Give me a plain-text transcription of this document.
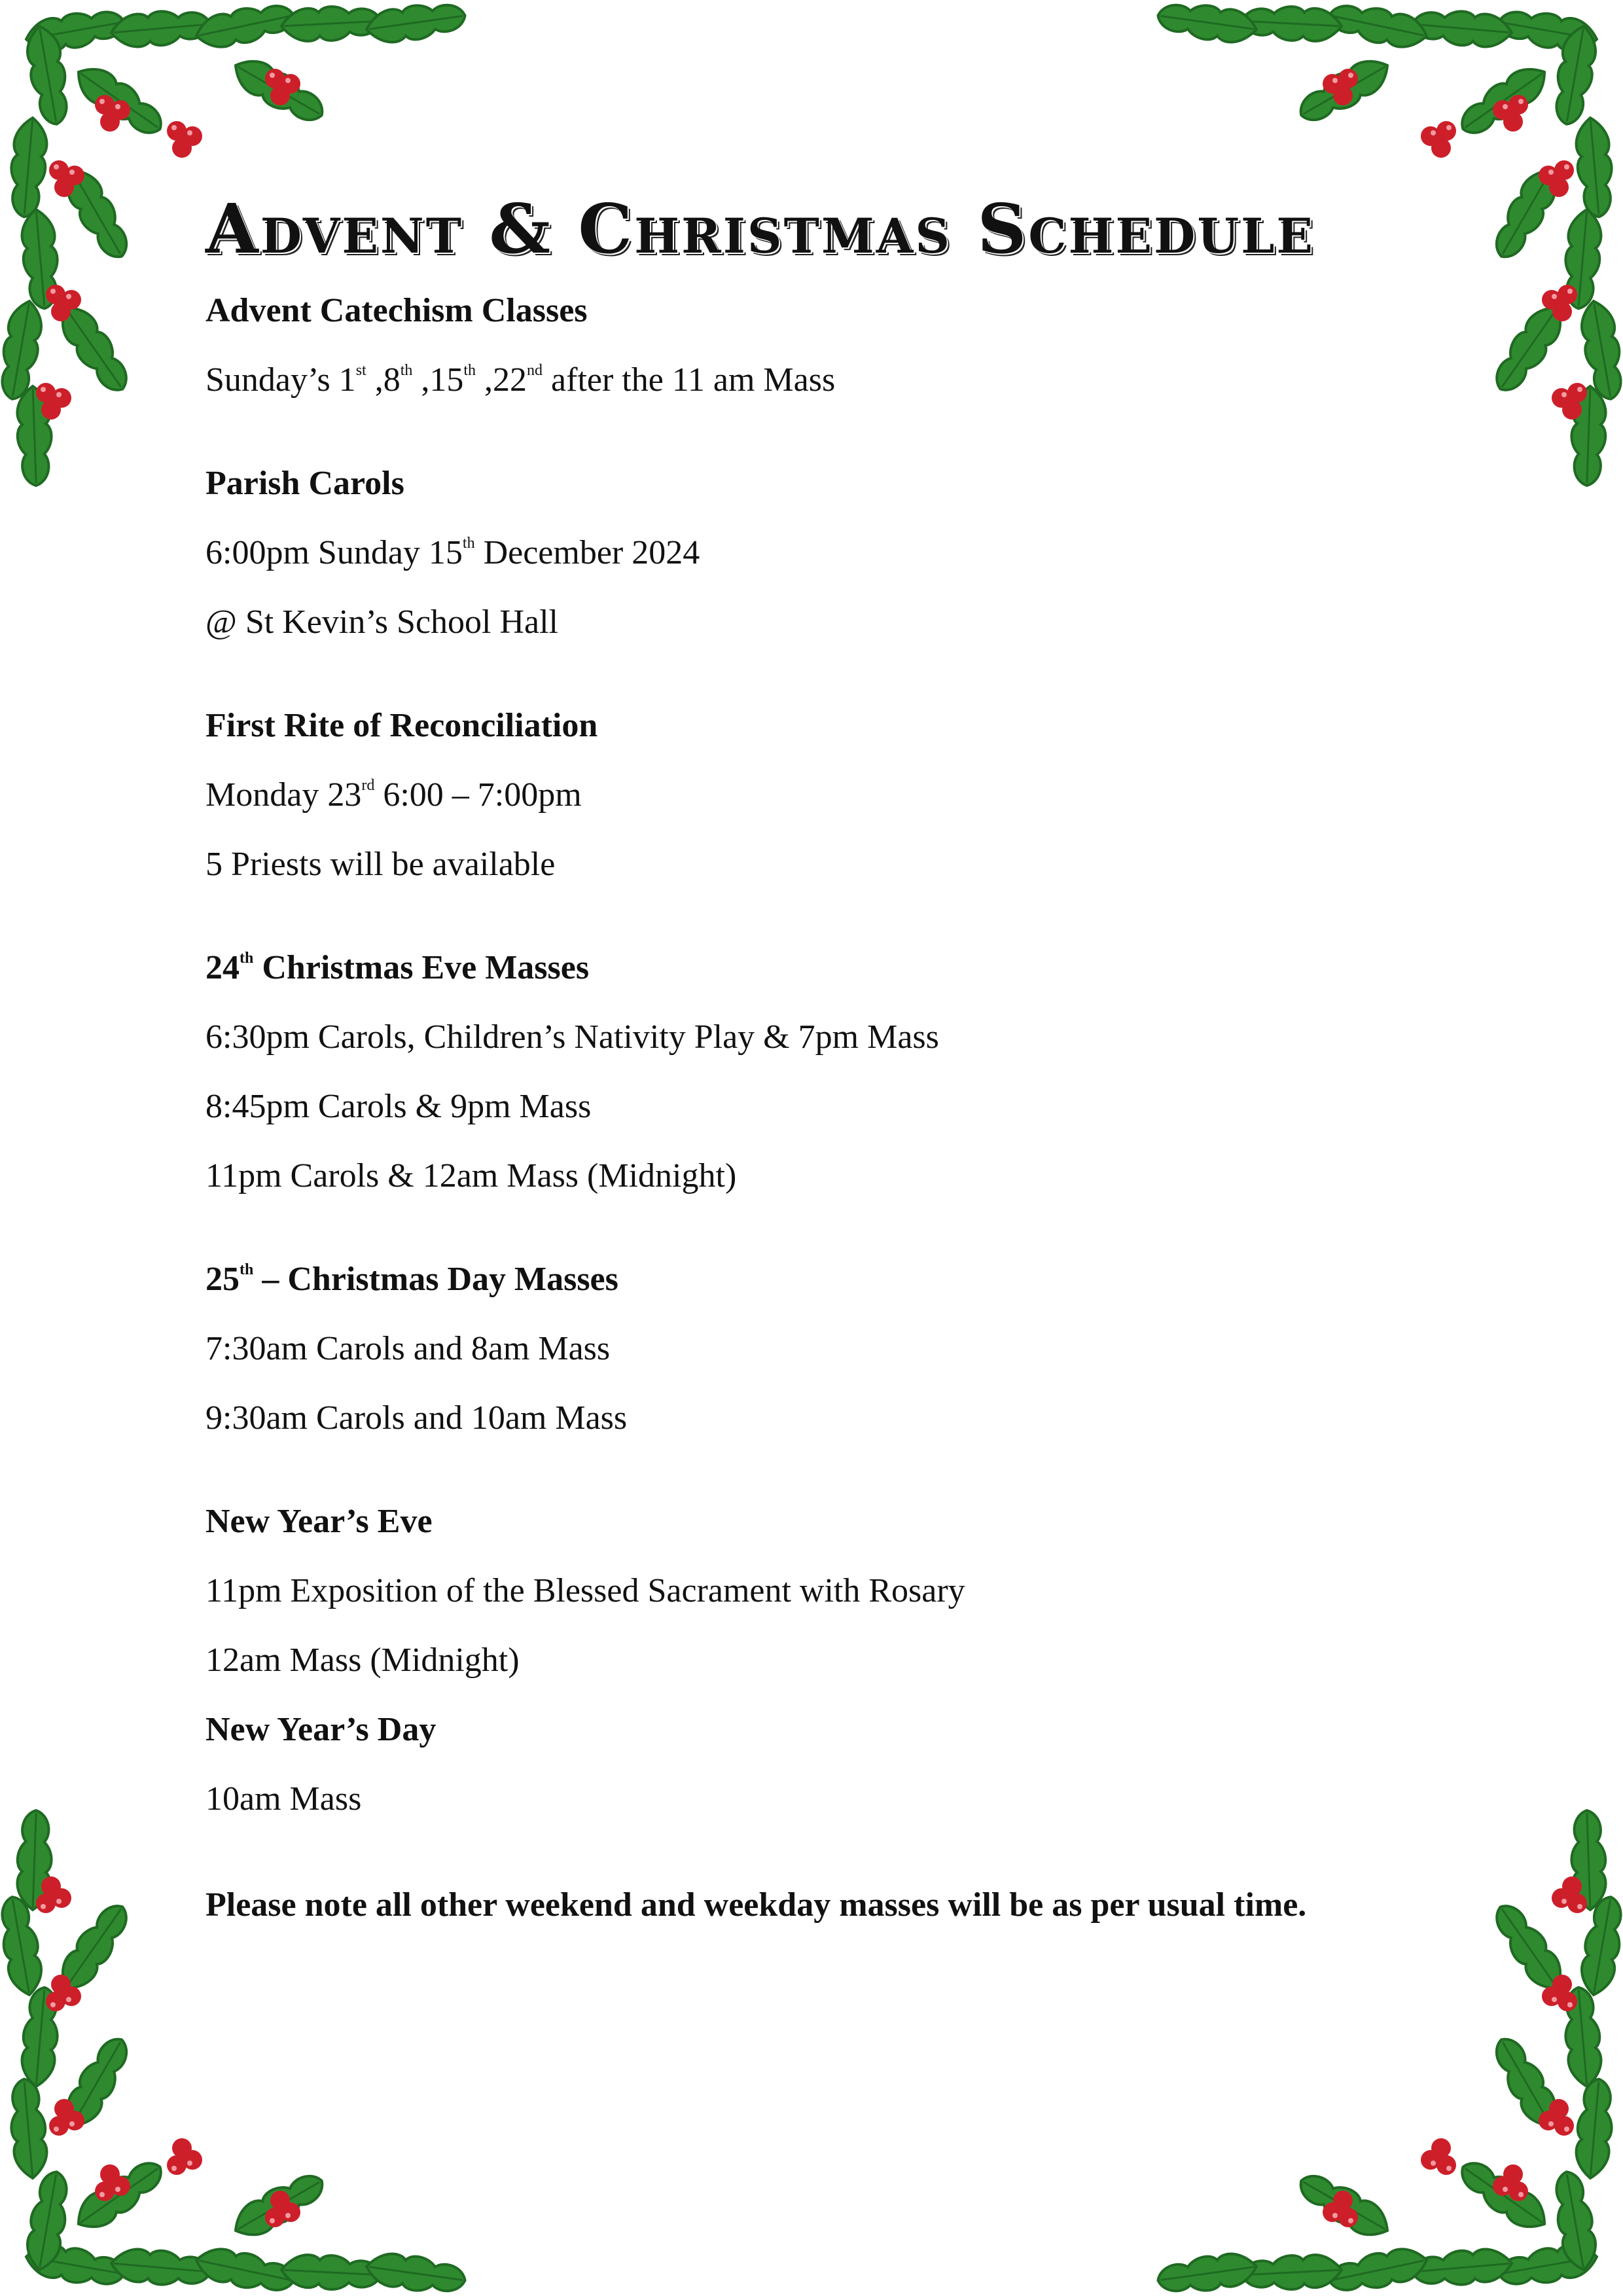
Advent & Christmas Schedule

Advent Catechism Classes

Sunday’s 1st ,8th ,15th ,22nd after the 11 am Mass

Parish Carols

6:00pm Sunday 15th December 2024

@ St Kevin’s School Hall

First Rite of Reconciliation

Monday 23rd 6:00 – 7:00pm

5 Priests will be available

24th Christmas Eve Masses

6:30pm Carols, Children’s Nativity Play & 7pm Mass

8:45pm Carols & 9pm Mass

11pm Carols & 12am Mass (Midnight)

25th – Christmas Day Masses

7:30am Carols and 8am Mass

9:30am Carols and 10am Mass

New Year’s Eve

11pm Exposition of the Blessed Sacrament with Rosary

12am Mass (Midnight)

New Year’s Day

10am Mass

Please note all other weekend and weekday masses will be as per usual time.
